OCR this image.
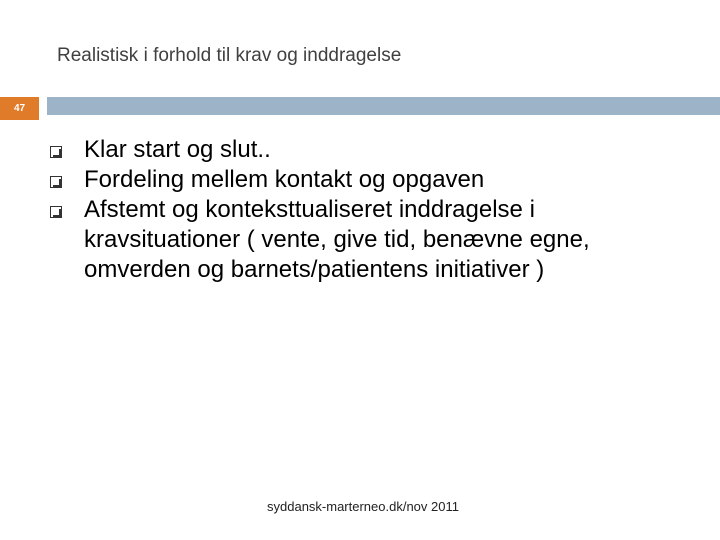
Realistisk i forhold til krav og inddragelse
47
Klar start og slut..
Fordeling mellem kontakt og opgaven
Afstemt og konteksttualiseret inddragelse i kravsituationer ( vente, give tid, benævne egne, omverden og barnets/patientens initiativer )
syddansk-marterneo.dk/nov 2011
